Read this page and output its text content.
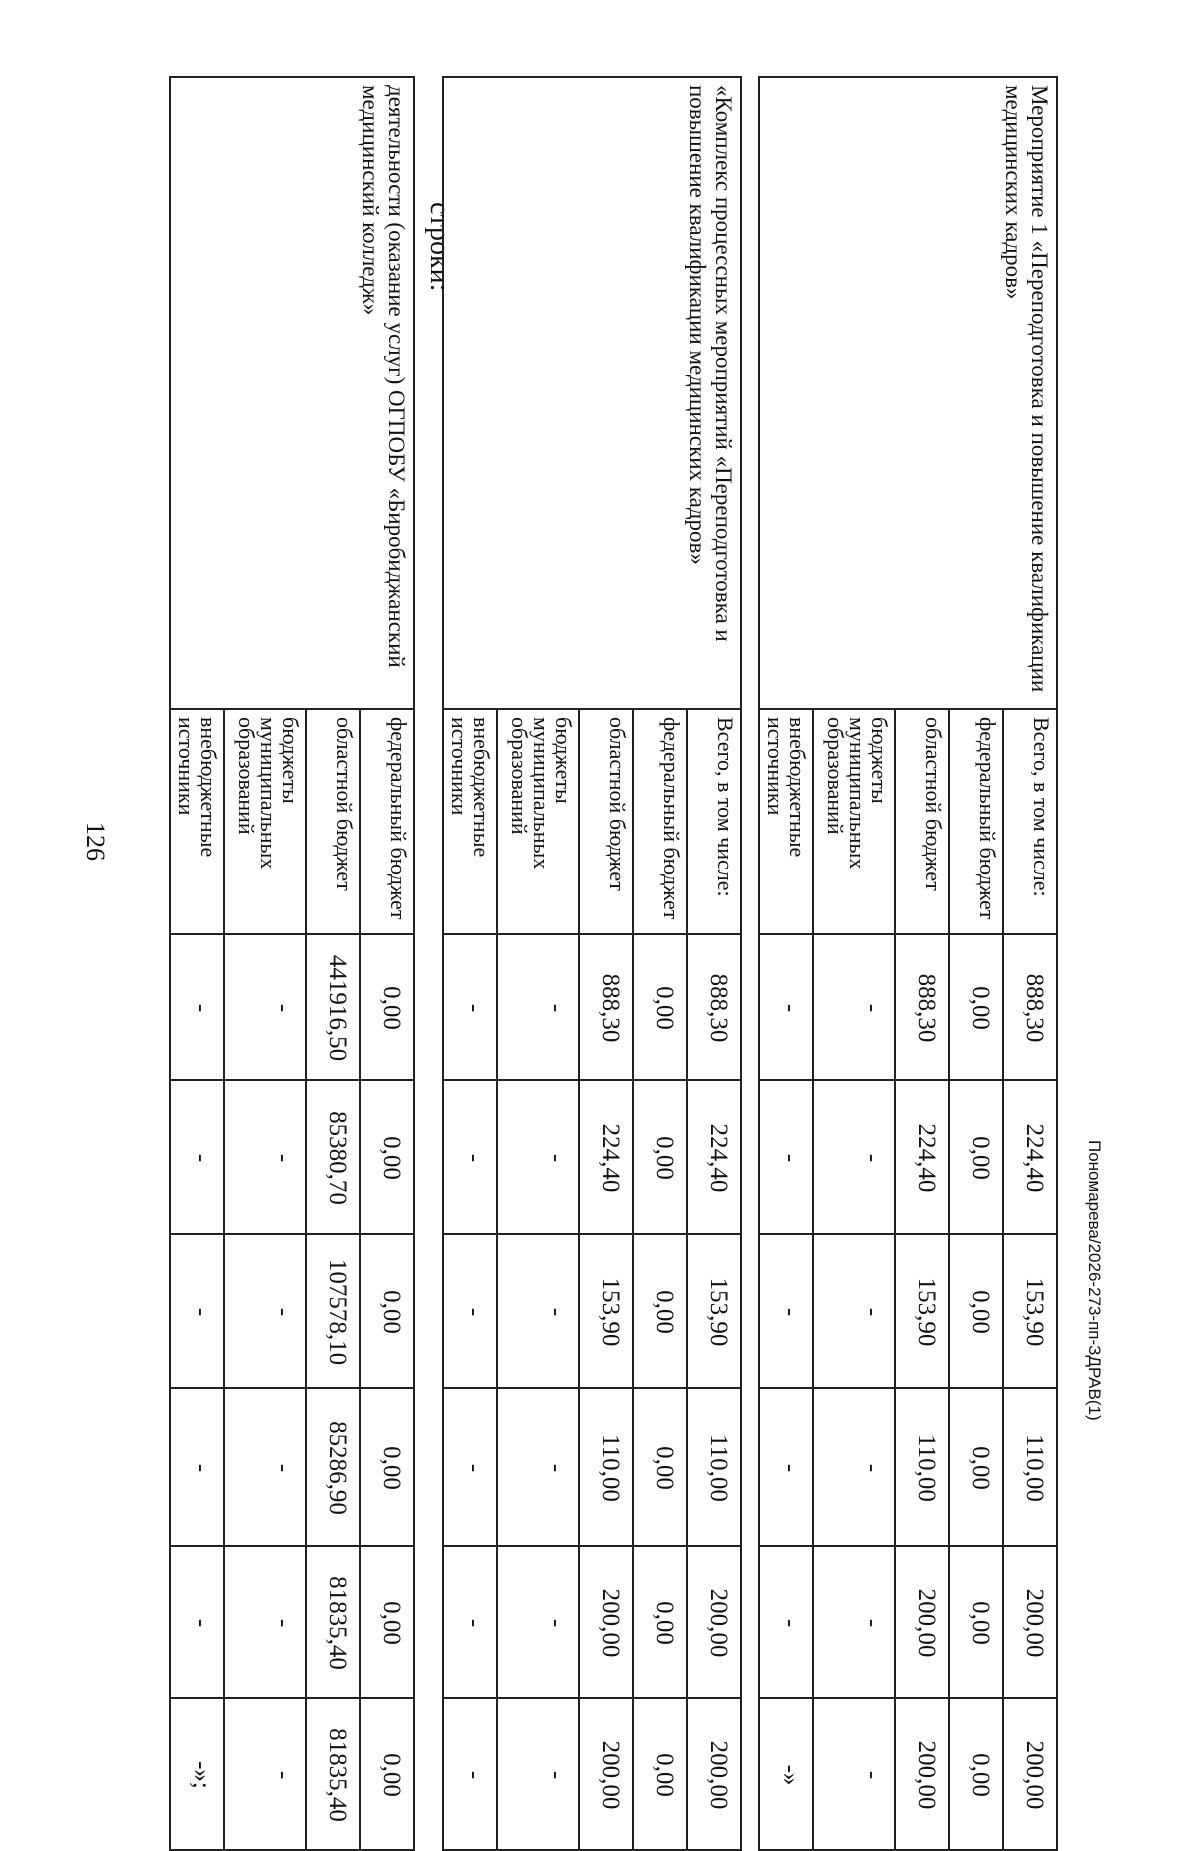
126
деятельности (оказание услуг) ОГПОБУ «Биробиджанский медицинский колледж»	федеральный бюджет	0,00	0,00	0,00	0,00	0,00	0,00
	областной бюджет	441916,50	85380,70	107578,10	85286,90	81835,40	81835,40
	бюджеты муниципальных образований	-	-	-	-	-	-
	внебюджетные источники	-	-	-	-	-	-»;
строки:	«Комплекс процессных мероприятий «Переподготовка и повышение квалификации медицинских кадров»	Всего, в том числе:	888,30	224,40	153,90	110,00	200,00	200,00
	федеральный бюджет	0,00	0,00	0,00	0,00	0,00	0,00
	областной бюджет	888,30	224,40	153,90	110,00	200,00	200,00
	бюджеты муниципальных образований	-	-	-	-	-	-
	внебюджетные источники	-	-	-	-	-	-
Мероприятие 1 «Переподготовка и повышение квалификации медицинских кадров»	Всего, в том числе:	888,30	224,40	153,90	110,00	200,00	200,00
	федеральный бюджет	0,00	0,00	0,00	0,00	0,00	0,00
	областной бюджет	888,30	224,40	153,90	110,00	200,00	200,00
	бюджеты муниципальных образований	-	-	-	-	-	-
	внебюджетные источники	-	-	-	-	-	-»
Пономарева/2026-273-пп-ЗДРАВ(1)
